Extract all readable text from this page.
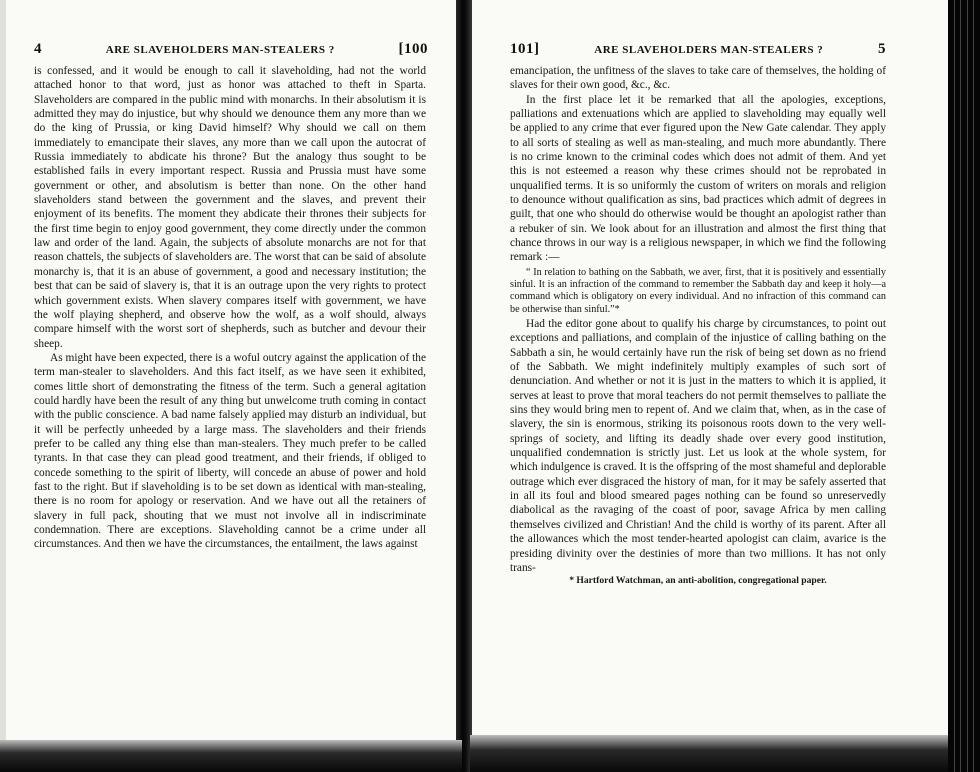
4	ARE SLAVEHOLDERS MAN-STEALERS ?	[100

is confessed, and it would be enough to call it slaveholding, had not the world attached honor to that word, just as honor was attached to theft in Sparta. Slaveholders are compared in the public mind with monarchs. In their absolutism it is admitted they may do injustice, but why should we denounce them any more than we do the king of Prussia, or king David himself? Why should we call on them immediately to emancipate their slaves, any more than we call upon the autocrat of Russia immediately to abdicate his throne? But the analogy thus sought to be established fails in every important respect. Russia and Prussia must have some government or other, and absolutism is better than none. On the other hand slaveholders stand between the government and the slaves, and prevent their enjoyment of its benefits. The moment they abdicate their thrones their subjects for the first time begin to enjoy good government, they come directly under the common law and order of the land. Again, the subjects of absolute monarchs are not for that reason chattels, the subjects of slaveholders are. The worst that can be said of absolute monarchy is, that it is an abuse of government, a good and necessary institution; the best that can be said of slavery is, that it is an outrage upon the very rights to protect which government exists. When slavery compares itself with government, we have the wolf playing shepherd, and observe how the wolf, as a wolf should, always compare himself with the worst sort of shepherds, such as butcher and devour their sheep.

As might have been expected, there is a woful outcry against the application of the term man-stealer to slaveholders. And this fact itself, as we have seen it exhibited, comes little short of demonstrating the fitness of the term. Such a general agitation could hardly have been the result of any thing but unwelcome truth coming in contact with the public conscience. A bad name falsely applied may disturb an individual, but it will be perfectly unheeded by a large mass. The slaveholders and their friends prefer to be called any thing else than man-stealers. They much prefer to be called tyrants. In that case they can plead good treatment, and their friends, if obliged to concede something to the spirit of liberty, will concede an abuse of power and hold fast to the right. But if slaveholding is to be set down as identical with man-stealing, there is no room for apology or reservation. And we have out all the retainers of slavery in full pack, shouting that we must not involve all in indiscriminate condemnation. There are exceptions. Slaveholding cannot be a crime under all circumstances. And then we have the circumstances, the entailment, the laws against

101]	ARE SLAVEHOLDERS MAN-STEALERS ?	5

emancipation, the unfitness of the slaves to take care of themselves, the holding of slaves for their own good, &c., &c.

In the first place let it be remarked that all the apologies, exceptions, palliations and extenuations which are applied to slaveholding may equally well be applied to any crime that ever figured upon the New Gate calendar. They apply to all sorts of stealing as well as man-stealing, and much more abundantly. There is no crime known to the criminal codes which does not admit of them. And yet this is not esteemed a reason why these crimes should not be reprobated in unqualified terms. It is so uniformly the custom of writers on morals and religion to denounce without qualification as sins, bad practices which admit of degrees in guilt, that one who should do otherwise would be thought an apologist rather than a rebuker of sin. We look about for an illustration and almost the first thing that chance throws in our way is a religious newspaper, in which we find the following remark :—

“ In relation to bathing on the Sabbath, we aver, first, that it is positively and essentially sinful. It is an infraction of the command to remember the Sabbath day and keep it holy—a command which is obligatory on every individual. And no infraction of this command can be otherwise than sinful.”*

Had the editor gone about to qualify his charge by circumstances, to point out exceptions and palliations, and complain of the injustice of calling bathing on the Sabbath a sin, he would certainly have run the risk of being set down as no friend of the Sabbath. We might indefinitely multiply examples of such sort of denunciation. And whether or not it is just in the matters to which it is applied, it serves at least to prove that moral teachers do not permit themselves to palliate the sins they would bring men to repent of. And we claim that, when, as in the case of slavery, the sin is enormous, striking its poisonous roots down to the very well-springs of society, and lifting its deadly shade over every good institution, unqualified condemnation is strictly just. Let us look at the whole system, for which indulgence is craved. It is the offspring of the most shameful and deplorable outrage which ever disgraced the history of man, for it may be safely asserted that in all its foul and blood smeared pages nothing can be found so unreservedly diabolical as the ravaging of the coast of poor, savage Africa by men calling themselves civilized and Christian! And the child is worthy of its parent. After all the allowances which the most tender-hearted apologist can claim, avarice is the presiding divinity over the destinies of more than two millions. It has not only trans-

* Hartford Watchman, an anti-abolition, congregational paper.
